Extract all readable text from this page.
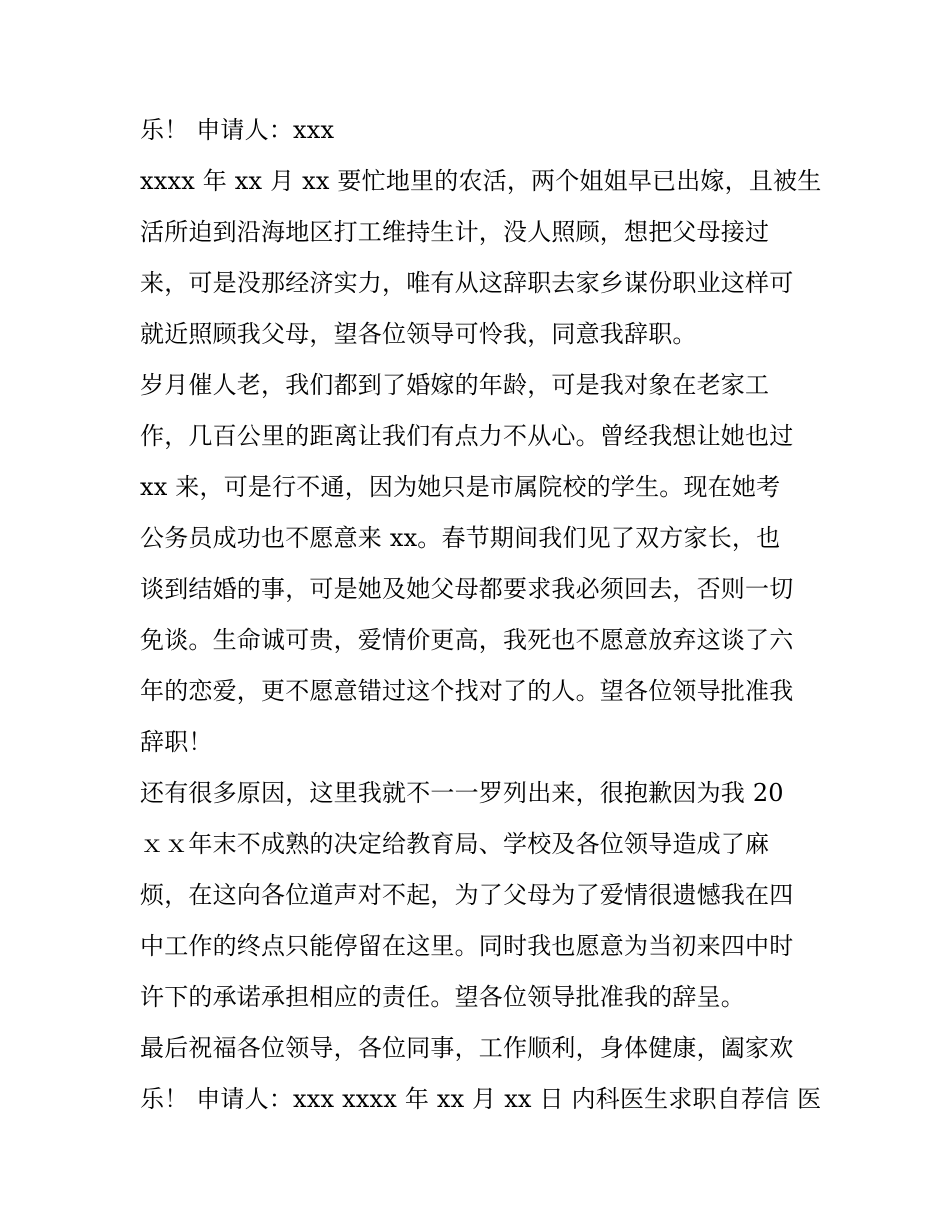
乐！ 申请人：xxx
xxxx 年 xx 月 xx 要忙地里的农活，两个姐姐早已出嫁，且被生
活所迫到沿海地区打工维持生计，没人照顾，想把父母接过
来，可是没那经济实力，唯有从这辞职去家乡谋份职业这样可
就近照顾我父母，望各位领导可怜我，同意我辞职。
岁月催人老，我们都到了婚嫁的年龄，可是我对象在老家工
作，几百公里的距离让我们有点力不从心。曾经我想让她也过
xx 来，可是行不通，因为她只是市属院校的学生。现在她考
公务员成功也不愿意来 xx。春节期间我们见了双方家长，也
谈到结婚的事，可是她及她父母都要求我必须回去，否则一切
免谈。生命诚可贵，爱情价更高，我死也不愿意放弃这谈了六
年的恋爱，更不愿意错过这个找对了的人。望各位领导批准我
辞职！
还有很多原因，这里我就不一一罗列出来，很抱歉因为我 20
ｘｘ年末不成熟的决定给教育局、学校及各位领导造成了麻
烦，在这向各位道声对不起，为了父母为了爱情很遗憾我在四
中工作的终点只能停留在这里。同时我也愿意为当初来四中时
许下的承诺承担相应的责任。望各位领导批准我的辞呈。
最后祝福各位领导，各位同事，工作顺利，身体健康，阖家欢
乐！ 申请人：xxx xxxx 年 xx 月 xx 日 内科医生求职自荐信 医
